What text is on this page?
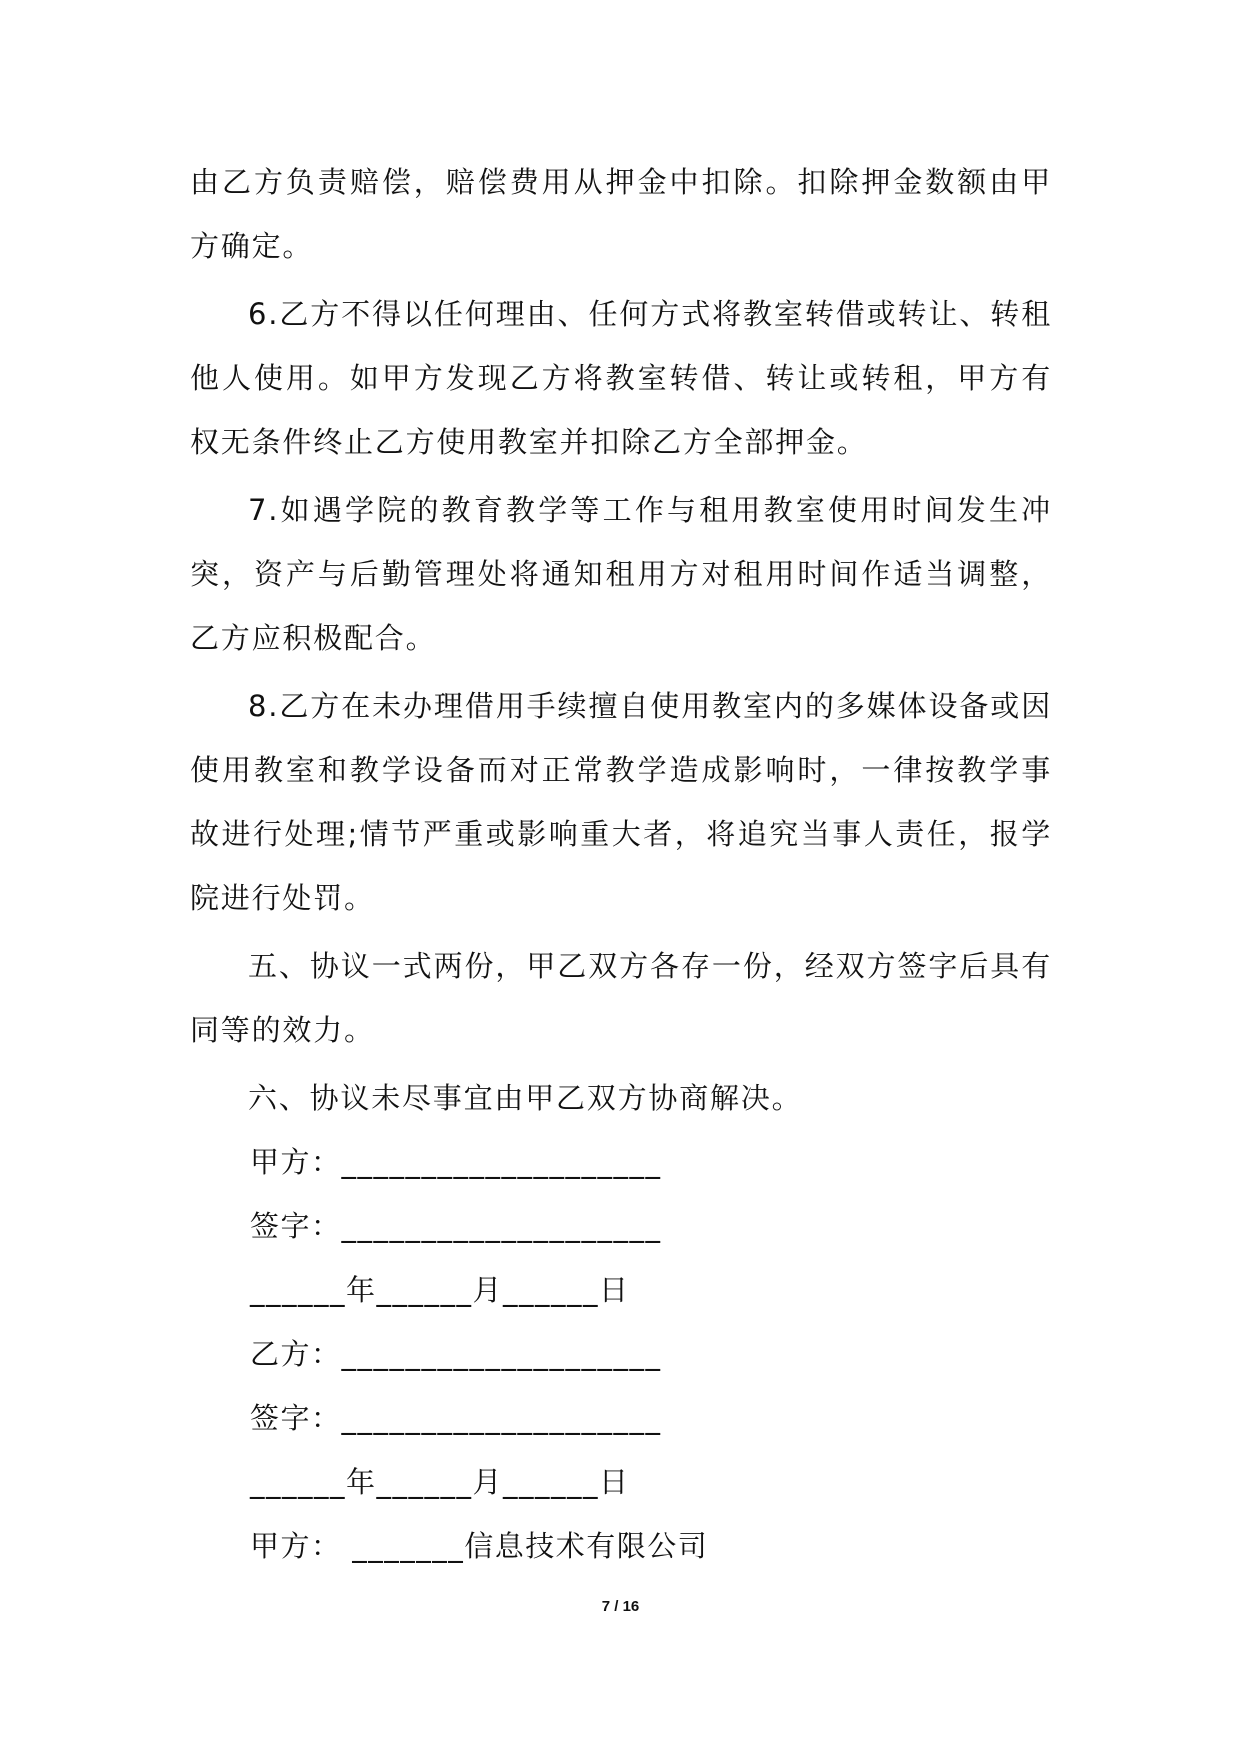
由乙方负责赔偿，赔偿费用从押金中扣除。扣除押金数额由甲方确定。

6.乙方不得以任何理由、任何方式将教室转借或转让、转租他人使用。如甲方发现乙方将教室转借、转让或转租，甲方有权无条件终止乙方使用教室并扣除乙方全部押金。

7.如遇学院的教育教学等工作与租用教室使用时间发生冲突，资产与后勤管理处将通知租用方对租用时间作适当调整，乙方应积极配合。

8.乙方在未办理借用手续擅自使用教室内的多媒体设备或因使用教室和教学设备而对正常教学造成影响时，一律按教学事故进行处理;情节严重或影响重大者，将追究当事人责任，报学院进行处罚。

五、协议一式两份，甲乙双方各存一份，经双方签字后具有同等的效力。

六、协议未尽事宜由甲乙双方协商解决。

甲方：____________________

签字：____________________

______年______月______日

乙方：____________________

签字：____________________

______年______月______日

甲方： _______信息技术有限公司

7 / 16
